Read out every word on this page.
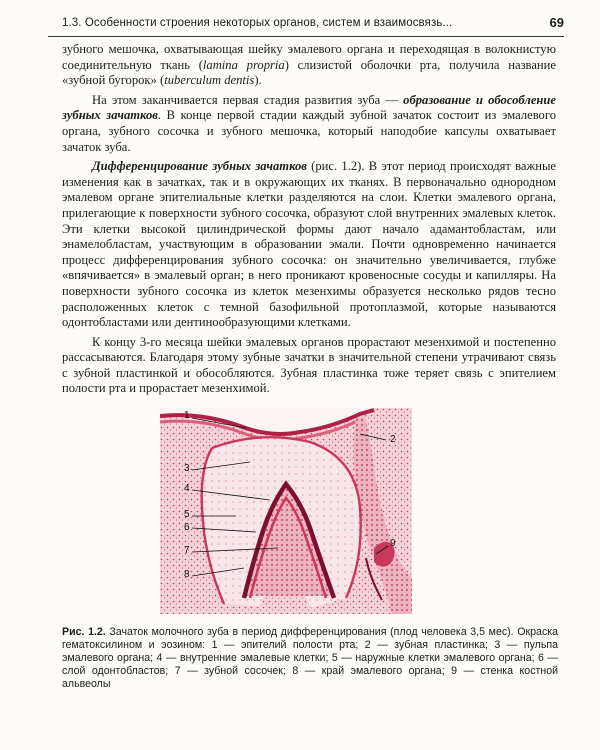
1.3. Особенности строения некоторых органов, систем и взаимосвязь...	69

зубного мешочка, охватывающая шейку эмалевого органа и переходящая в волокнистую соединительную ткань (lamina propria) слизистой оболочки рта, получила название «зубной бугорок» (tuberculum dentis).

На этом заканчивается первая стадия развития зуба — образование и обособление зубных зачатков. В конце первой стадии каждый зубной зачаток состоит из эмалевого органа, зубного сосочка и зубного мешочка, который наподобие капсулы охватывает зачаток зуба.

Дифференцирование зубных зачатков (рис. 1.2). В этот период происходят важные изменения как в зачатках, так и в окружающих их тканях. В первоначально однородном эмалевом органе эпителиальные клетки разделяются на слои. Клетки эмалевого органа, прилегающие к поверхности зубного сосочка, образуют слой внутренних эмалевых клеток. Эти клетки высокой цилиндрической формы дают начало адамантобластам, или энамелобластам, участвующим в образовании эмали. Почти одновременно начинается процесс дифференцирования зубного сосочка: он значительно увеличивается, глубже «впячивается» в эмалевый орган; в него проникают кровеносные сосуды и капилляры. На поверхности зубного сосочка из клеток мезенхимы образуется несколько рядов тесно расположенных клеток с темной базофильной протоплазмой, которые называются одонтобластами или дентинообразующими клетками.

К концу 3-го месяца шейки эмалевых органов прорастают мезенхимой и постепенно рассасываются. Благодаря этому зубные зачатки в значительной степени утрачивают связь с зубной пластинкой и обособляются. Зубная пластинка тоже теряет связь с эпителием полости рта и прорастает мезенхимой.

1
2
3
4
5
6
7
8
9
Рис. 1.2. Зачаток молочного зуба в период дифференцирования (плод человека 3,5 мес). Окраска гематоксилином и эозином: 1 — эпителий полости рта; 2 — зубная пластинка; 3 — пульпа эмалевого органа; 4 — внутренние эмалевые клетки; 5 — наружные клетки эмалевого органа; 6 — слой одонтобластов; 7 — зубной сосочек; 8 — край эмалевого органа; 9 — стенка костной альвеолы
